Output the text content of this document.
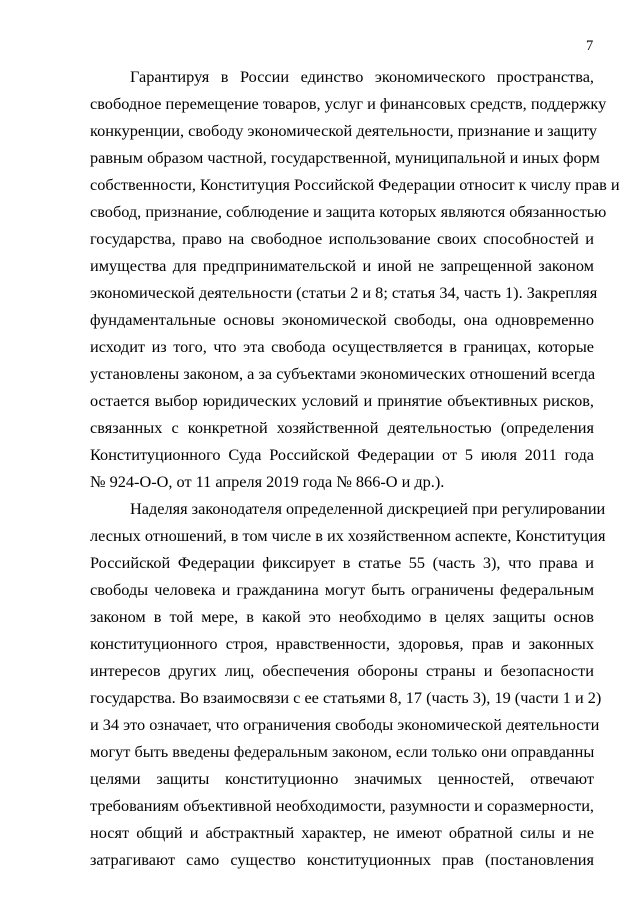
7
Гарантируя в России единство экономического пространства,
свободное перемещение товаров, услуг и финансовых средств, поддержку
конкуренции, свободу экономической деятельности, признание и защиту
равным образом частной, государственной, муниципальной и иных форм
собственности, Конституция Российской Федерации относит к числу прав и
свобод, признание, соблюдение и защита которых являются обязанностью
государства, право на свободное использование своих способностей и
имущества для предпринимательской и иной не запрещенной законом
экономической деятельности (статьи 2 и 8; статья 34, часть 1). Закрепляя
фундаментальные основы экономической свободы, она одновременно
исходит из того, что эта свобода осуществляется в границах, которые
установлены законом, а за субъектами экономических отношений всегда
остается выбор юридических условий и принятие объективных рисков,
связанных с конкретной хозяйственной деятельностью (определения
Конституционного Суда Российской Федерации от 5 июля 2011 года
№ 924-О-О, от 11 апреля 2019 года № 866-О и др.).
Наделяя законодателя определенной дискрецией при регулировании
лесных отношений, в том числе в их хозяйственном аспекте, Конституция
Российской Федерации фиксирует в статье 55 (часть 3), что права и
свободы человека и гражданина могут быть ограничены федеральным
законом в той мере, в какой это необходимо в целях защиты основ
конституционного строя, нравственности, здоровья, прав и законных
интересов других лиц, обеспечения обороны страны и безопасности
государства. Во взаимосвязи с ее статьями 8, 17 (часть 3), 19 (части 1 и 2)
и 34 это означает, что ограничения свободы экономической деятельности
могут быть введены федеральным законом, если только они оправданны
целями защиты конституционно значимых ценностей, отвечают
требованиям объективной необходимости, разумности и соразмерности,
носят общий и абстрактный характер, не имеют обратной силы и не
затрагивают само существо конституционных прав (постановления
